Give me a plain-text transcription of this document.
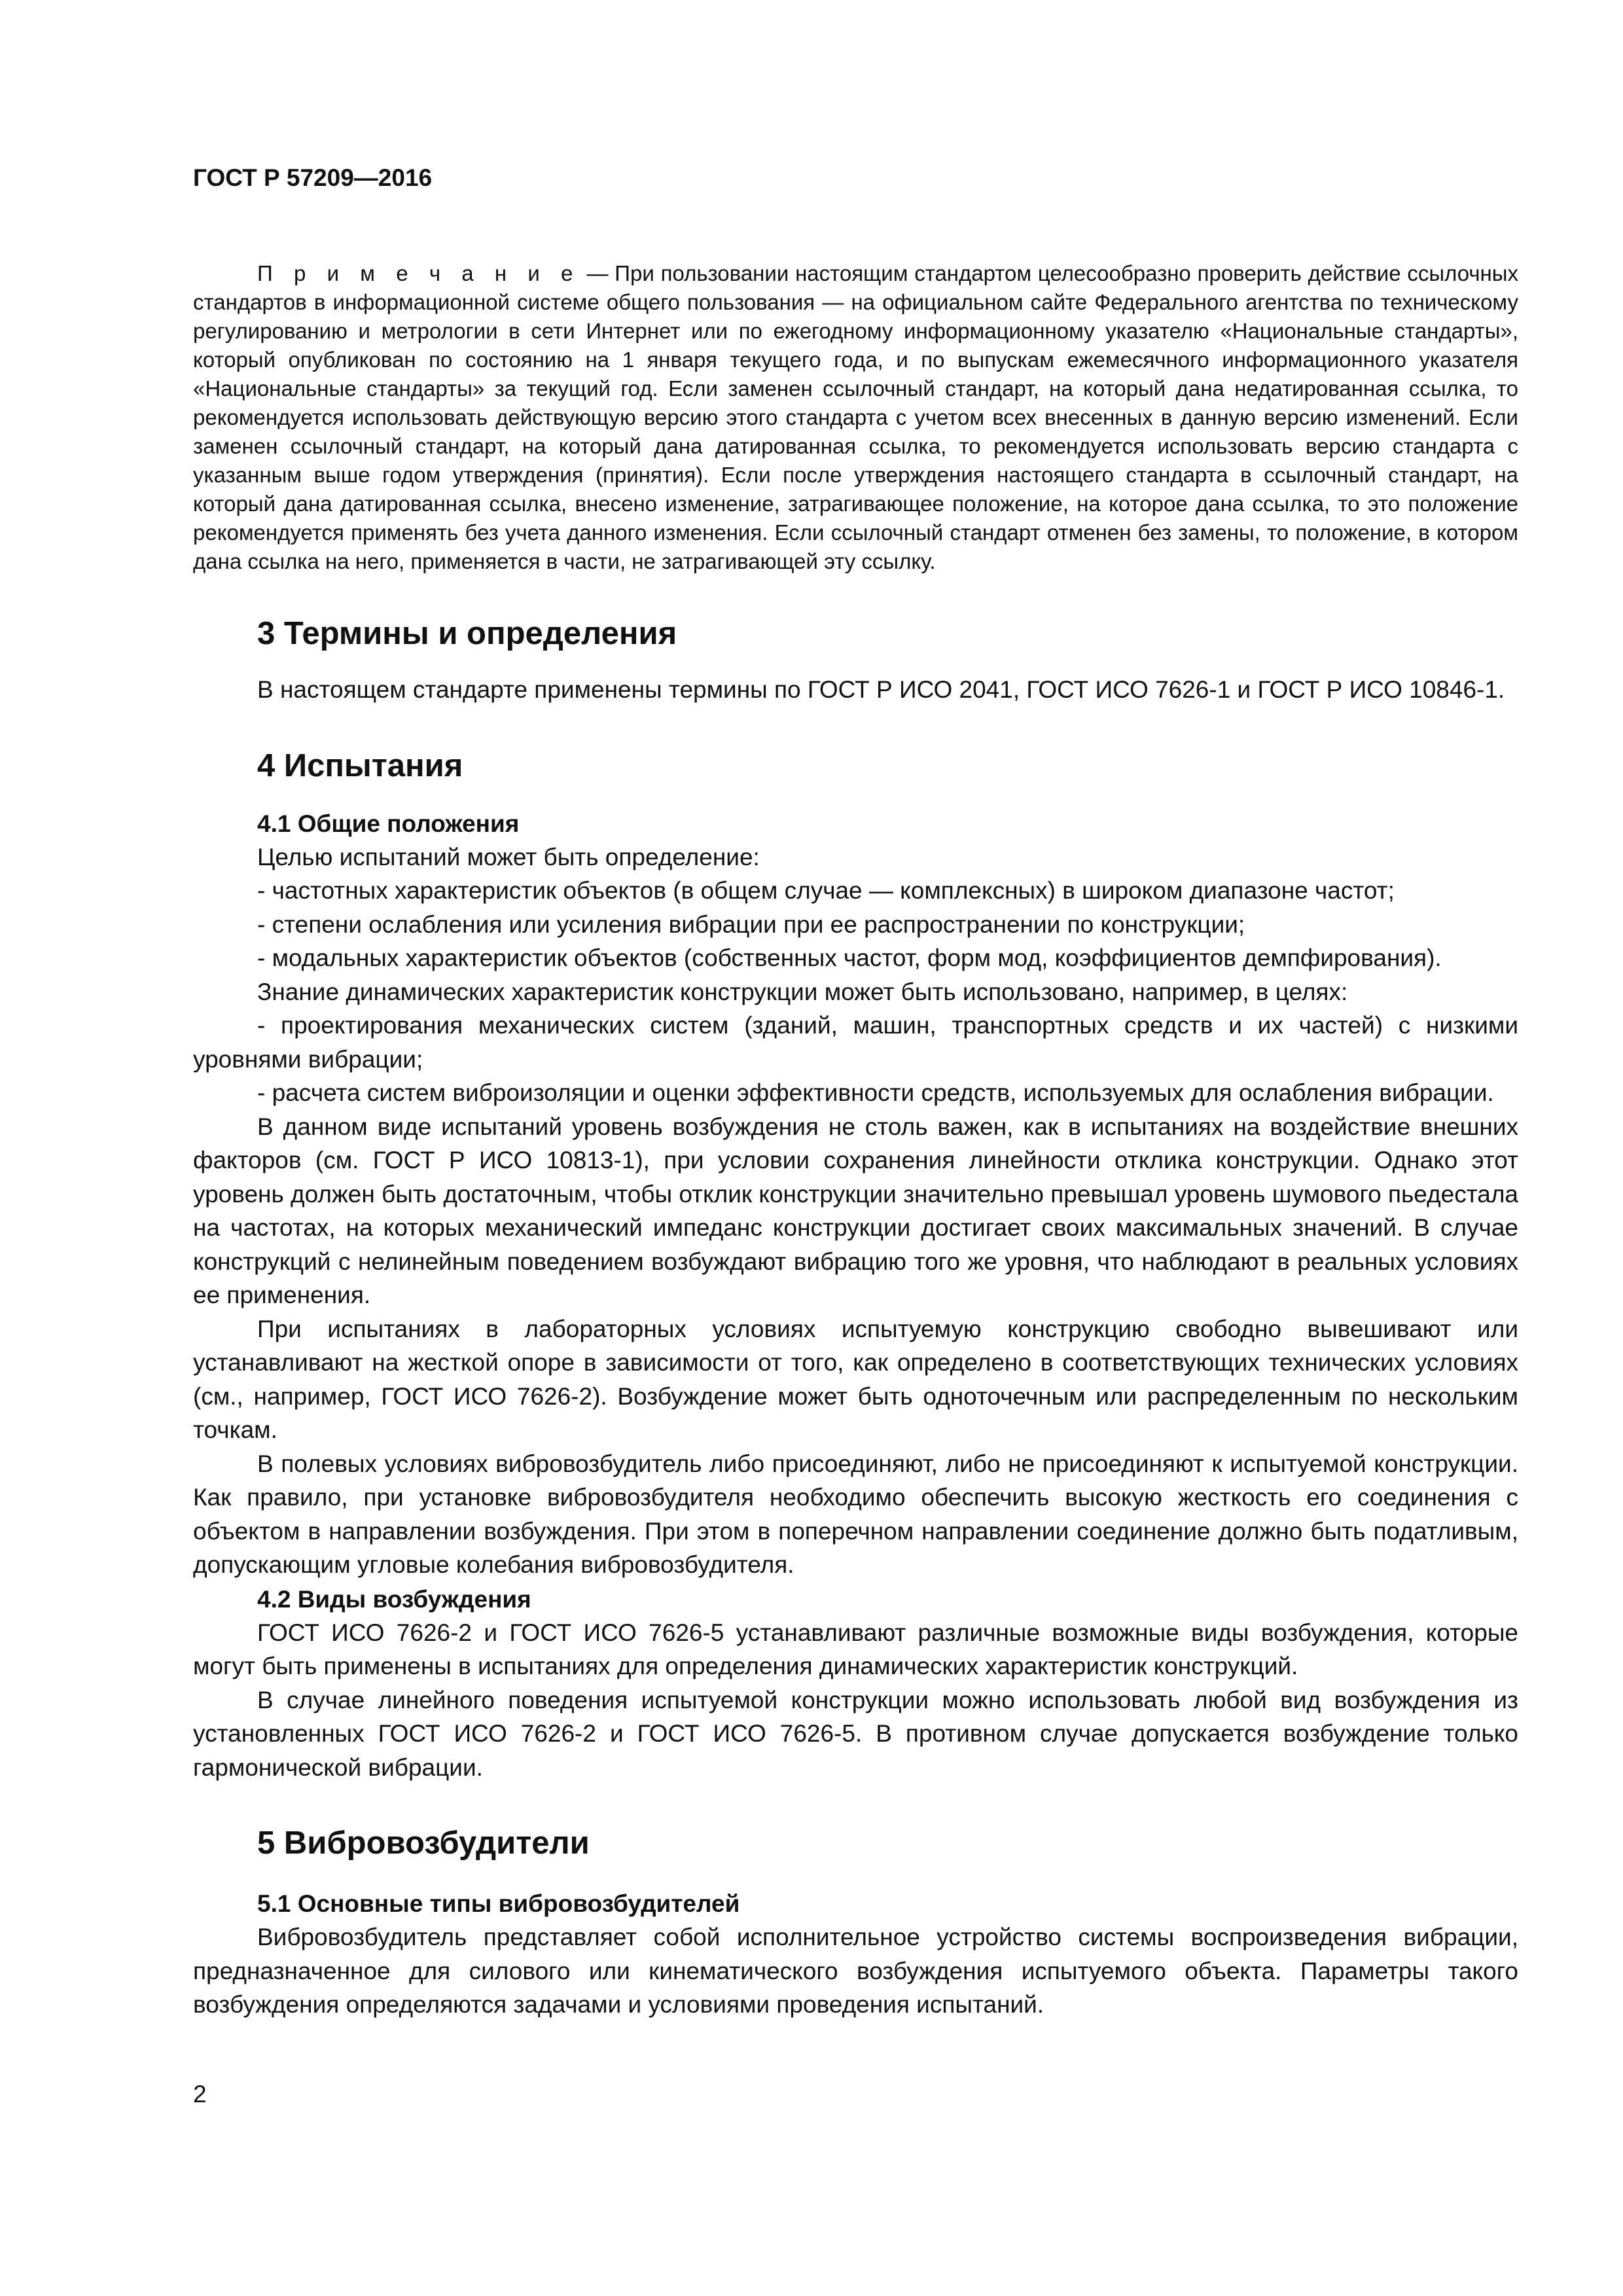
ГОСТ Р 57209—2016

П р и м е ч а н и е — При пользовании настоящим стандартом целесообразно проверить действие ссылочных стандартов в информационной системе общего пользования — на официальном сайте Федерального агентства по техническому регулированию и метрологии в сети Интернет или по ежегодному информационному указателю «Национальные стандарты», который опубликован по состоянию на 1 января текущего года, и по выпускам ежемесячного информационного указателя «Национальные стандарты» за текущий год. Если заменен ссылочный стандарт, на который дана недатированная ссылка, то рекомендуется использовать действующую версию этого стандарта с учетом всех внесенных в данную версию изменений. Если заменен ссылочный стандарт, на который дана датированная ссылка, то рекомендуется использовать версию стандарта с указанным выше годом утверждения (принятия). Если после утверждения настоящего стандарта в ссылочный стандарт, на который дана датированная ссылка, внесено изменение, затрагивающее положение, на которое дана ссылка, то это положение рекомендуется применять без учета данного изменения. Если ссылочный стандарт отменен без замены, то положение, в котором дана ссылка на него, применяется в части, не затрагивающей эту ссылку.

3 Термины и определения

В настоящем стандарте применены термины по ГОСТ Р ИСО 2041, ГОСТ ИСО 7626-1 и ГОСТ Р ИСО 10846-1.

4 Испытания
4.1 Общие положения

Целью испытаний может быть определение:

- частотных характеристик объектов (в общем случае — комплексных) в широком диапазоне частот;

- степени ослабления или усиления вибрации при ее распространении по конструкции;

- модальных характеристик объектов (собственных частот, форм мод, коэффициентов демпфирования).

Знание динамических характеристик конструкции может быть использовано, например, в целях:

- проектирования механических систем (зданий, машин, транспортных средств и их частей) с низкими уровнями вибрации;

- расчета систем виброизоляции и оценки эффективности средств, используемых для ослабления вибрации.

В данном виде испытаний уровень возбуждения не столь важен, как в испытаниях на воздействие внешних факторов (см. ГОСТ Р ИСО 10813-1), при условии сохранения линейности отклика конструкции. Однако этот уровень должен быть достаточным, чтобы отклик конструкции значительно превышал уровень шумового пьедестала на частотах, на которых механический импеданс конструкции достигает своих максимальных значений. В случае конструкций с нелинейным поведением возбуждают вибрацию того же уровня, что наблюдают в реальных условиях ее применения.

При испытаниях в лабораторных условиях испытуемую конструкцию свободно вывешивают или устанавливают на жесткой опоре в зависимости от того, как определено в соответствующих технических условиях (см., например, ГОСТ ИСО 7626-2). Возбуждение может быть одноточечным или распределенным по нескольким точкам.

В полевых условиях вибровозбудитель либо присоединяют, либо не присоединяют к испытуемой конструкции. Как правило, при установке вибровозбудителя необходимо обеспечить высокую жесткость его соединения с объектом в направлении возбуждения. При этом в поперечном направлении соединение должно быть податливым, допускающим угловые колебания вибровозбудителя.

4.2 Виды возбуждения

ГОСТ ИСО 7626-2 и ГОСТ ИСО 7626-5 устанавливают различные возможные виды возбуждения, которые могут быть применены в испытаниях для определения динамических характеристик конструкций.

В случае линейного поведения испытуемой конструкции можно использовать любой вид возбуждения из установленных ГОСТ ИСО 7626-2 и ГОСТ ИСО 7626-5. В противном случае допускается возбуждение только гармонической вибрации.

5 Вибровозбудители
5.1 Основные типы вибровозбудителей

Вибровозбудитель представляет собой исполнительное устройство системы воспроизведения вибрации, предназначенное для силового или кинематического возбуждения испытуемого объекта. Параметры такого возбуждения определяются задачами и условиями проведения испытаний.

2
